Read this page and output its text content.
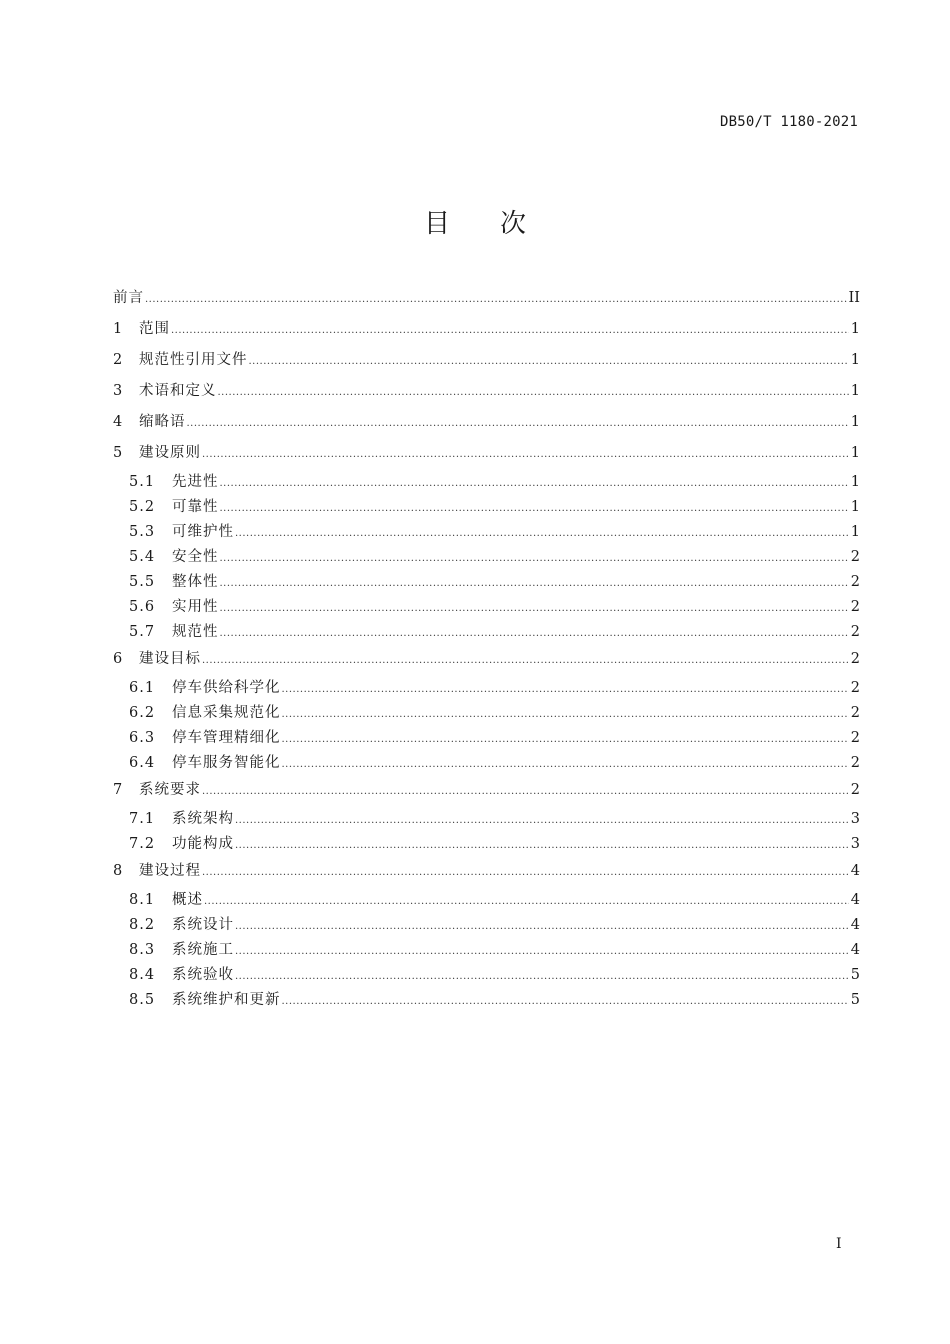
DB50/T 1180-2021
目 次
前言 .....	II
1	范围 .....	1
2	规范性引用文件 .....	1
3	术语和定义 .....	1
4	缩略语 .....	1
5	建设原则 .....	1
5.1	先进性 .....	1
5.2	可靠性 .....	1
5.3	可维护性 .....	1
5.4	安全性 .....	2
5.5	整体性 .....	2
5.6	实用性 .....	2
5.7	规范性 .....	2
6	建设目标 .....	2
6.1	停车供给科学化 .....	2
6.2	信息采集规范化 .....	2
6.3	停车管理精细化 .....	2
6.4	停车服务智能化 .....	2
7	系统要求 .....	2
7.1	系统架构 .....	3
7.2	功能构成 .....	3
8	建设过程 .....	4
8.1	概述 .....	4
8.2	系统设计 .....	4
8.3	系统施工 .....	4
8.4	系统验收 .....	5
8.5	系统维护和更新 .....	5
I
